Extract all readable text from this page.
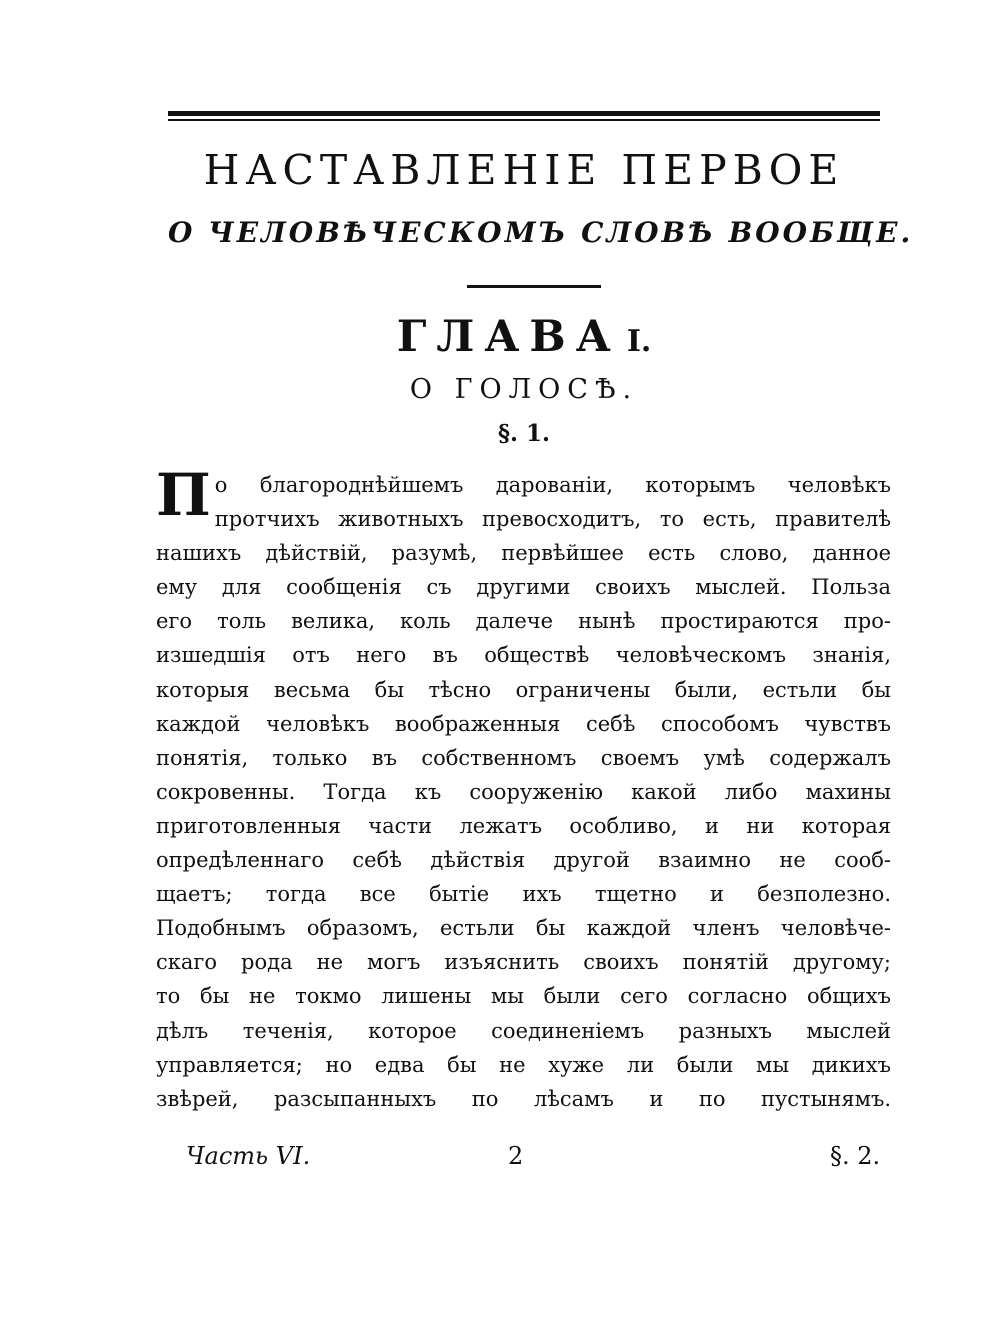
НАСТАВЛЕНІЕ ПЕРВОЕ
О ЧЕЛОВѢЧЕСКОМЪ СЛОВѢ ВООБЩЕ.
ГЛАВА I.
О ГОЛОСѢ.
§. 1.
П о благороднѣйшемъ дарованіи, которымъ человѣкъ
протчихъ животныхъ превосходитъ, то есть, правителѣ
нашихъ дѣйствій, разумѣ, первѣйшее есть слово, данное
ему для сообщенія съ другими своихъ мыслей. Польза
его толь велика, коль далече нынѣ простираются про-
изшедшія отъ него въ обществѣ человѣческомъ знанія,
которыя весьма бы тѣсно ограничены были, естьли бы
каждой человѣкъ воображенныя себѣ способомъ чувствъ
понятія, только въ собственномъ своемъ умѣ содержалъ
сокровенны. Тогда къ сооруженію какой либо махины
приготовленныя части лежатъ особливо, и ни которая
опредѣленнаго себѣ дѣйствія другой взаимно не сооб-
щаетъ; тогда все бытіе ихъ тщетно и безполезно.
Подобнымъ образомъ, естьли бы каждой членъ человѣче-
скаго рода не могъ изъяснить своихъ понятій другому;
то бы не токмо лишены мы были сего согласно общихъ
дѣлъ теченія, которое соединеніемъ разныхъ мыслей
управляется; но едва бы не хуже ли были мы дикихъ
звѣрей, разсыпанныхъ по лѣсамъ и по пустынямъ.
Часть VI.	2	§. 2.
